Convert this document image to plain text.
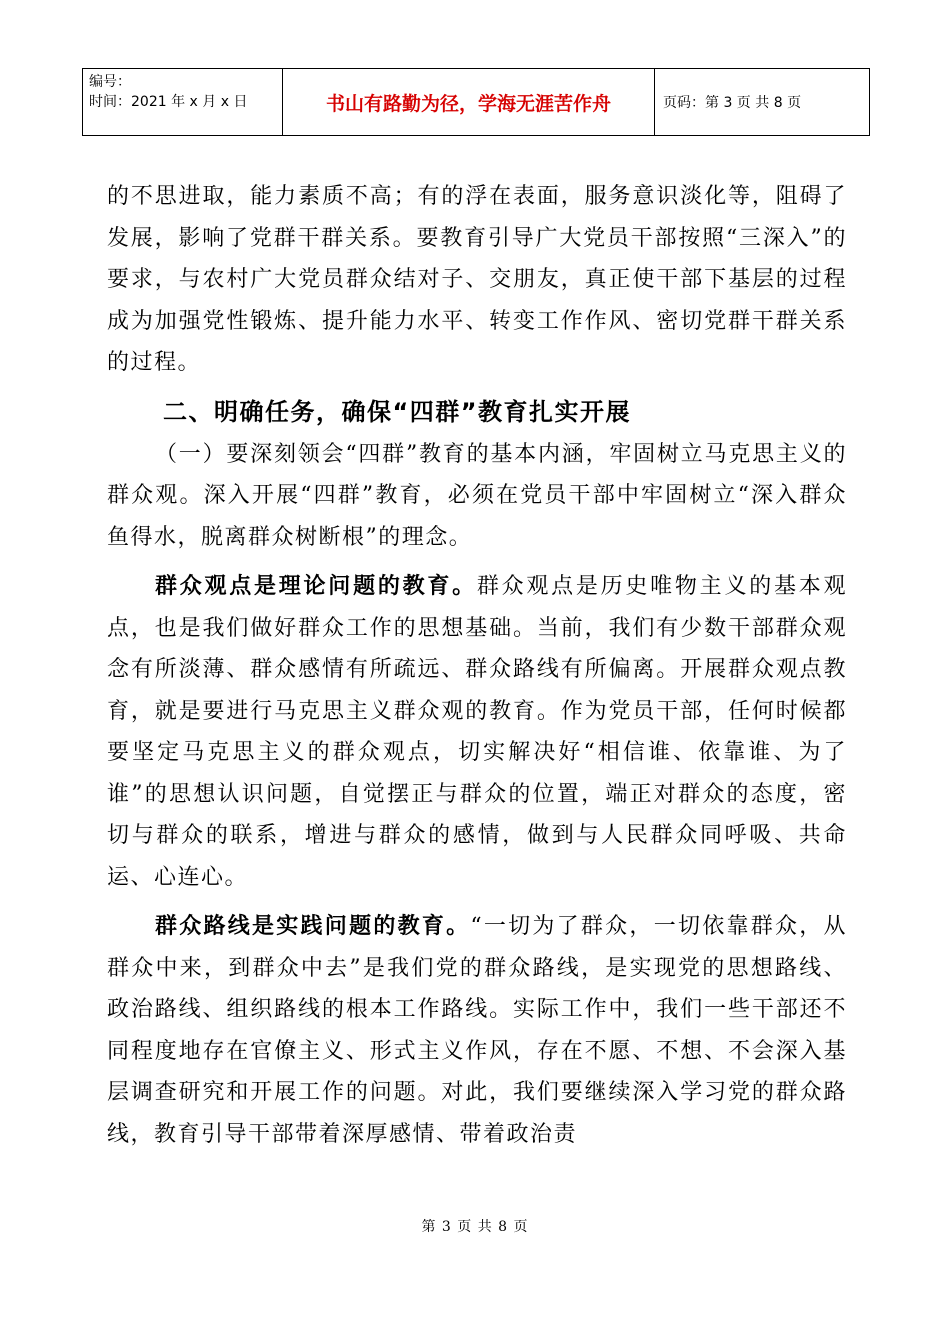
编号：
时间：2021 年 x 月 x 日	书山有路勤为径，学海无涯苦作舟	页码：第 3 页 共 8 页

的不思进取，能力素质不高；有的浮在表面，服务意识淡化等，阻碍了发展，影响了党群干群关系。要教育引导广大党员干部按照“三深入”的要求，与农村广大党员群众结对子、交朋友，真正使干部下基层的过程成为加强党性锻炼、提升能力水平、转变工作作风、密切党群干群关系的过程。

二、明确任务，确保“四群”教育扎实开展

（一）要深刻领会“四群”教育的基本内涵，牢固树立马克思主义的群众观。深入开展“四群”教育，必须在党员干部中牢固树立“深入群众鱼得水，脱离群众树断根”的理念。

群众观点是理论问题的教育。群众观点是历史唯物主义的基本观点，也是我们做好群众工作的思想基础。当前，我们有少数干部群众观念有所淡薄、群众感情有所疏远、群众路线有所偏离。开展群众观点教育，就是要进行马克思主义群众观的教育。作为党员干部，任何时候都要坚定马克思主义的群众观点，切实解决好“相信谁、依靠谁、为了谁”的思想认识问题，自觉摆正与群众的位置，端正对群众的态度，密切与群众的联系，增进与群众的感情，做到与人民群众同呼吸、共命运、心连心。

群众路线是实践问题的教育。“一切为了群众，一切依靠群众，从群众中来，到群众中去”是我们党的群众路线，是实现党的思想路线、政治路线、组织路线的根本工作路线。实际工作中，我们一些干部还不同程度地存在官僚主义、形式主义作风，存在不愿、不想、不会深入基层调查研究和开展工作的问题。对此，我们要继续深入学习党的群众路线，教育引导干部带着深厚感情、带着政治责

第 3 页 共 8 页
